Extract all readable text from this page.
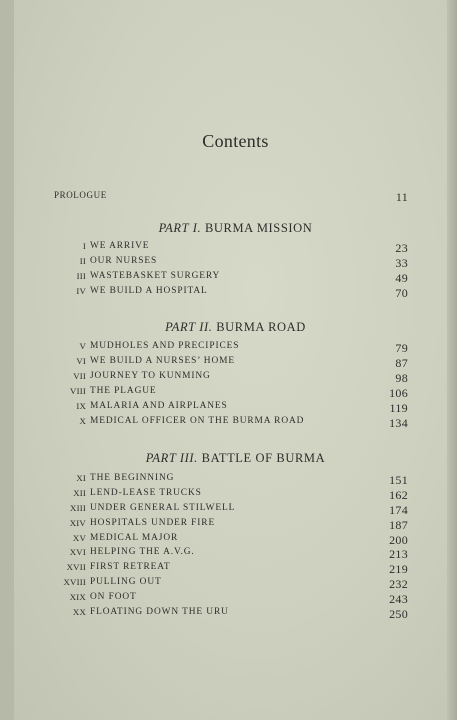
Contents
PROLOGUE	11
PART I. BURMA MISSION
I WE ARRIVE	23
II OUR NURSES	33
III WASTEBASKET SURGERY	49
IV WE BUILD A HOSPITAL	70
PART II. BURMA ROAD
V MUDHOLES AND PRECIPICES	79
VI WE BUILD A NURSES’ HOME	87
VII JOURNEY TO KUNMING	98
VIII THE PLAGUE	106
IX MALARIA AND AIRPLANES	119
X MEDICAL OFFICER ON THE BURMA ROAD	134
PART III. BATTLE OF BURMA
XI THE BEGINNING	151
XII LEND-LEASE TRUCKS	162
XIII UNDER GENERAL STILWELL	174
XIV HOSPITALS UNDER FIRE	187
XV MEDICAL MAJOR	200
XVI HELPING THE A.V.G.	213
XVII FIRST RETREAT	219
XVIII PULLING OUT	232
XIX ON FOOT	243
XX FLOATING DOWN THE URU	250
